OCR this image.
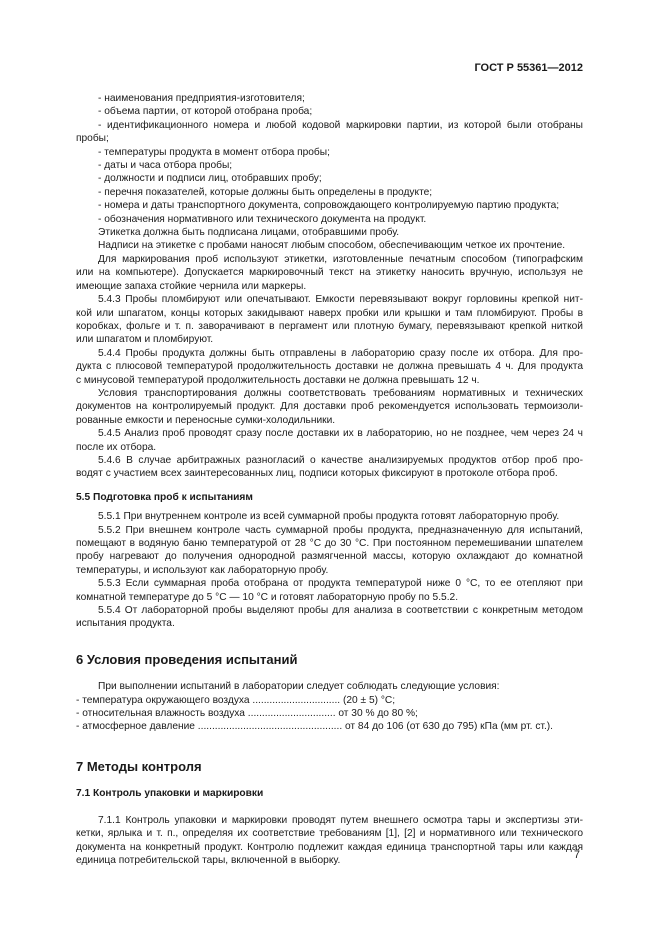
ГОСТ Р 55361—2012
- наименования предприятия-изготовителя;
- объема партии, от которой отобрана проба;
- идентификационного номера и любой кодовой маркировки партии, из которой были отобраны
пробы;
- температуры продукта в момент отбора пробы;
- даты и часа отбора пробы;
- должности и подписи лиц, отобравших пробу;
- перечня показателей, которые должны быть определены в продукте;
- номера и даты транспортного документа, сопровождающего контролируемую партию продукта;
- обозначения нормативного или технического документа на продукт.
Этикетка должна быть подписана лицами, отобравшими пробу.
Надписи на этикетке с пробами наносят любым способом, обеспечивающим четкое их прочтение.
Для маркирования проб используют этикетки, изготовленные печатным способом (типографским
или на компьютере). Допускается маркировочный текст на этикетку наносить вручную, используя не
имеющие запаха стойкие чернила или маркеры.
5.4.3 Пробы пломбируют или опечатывают. Емкости перевязывают вокруг горловины крепкой нит-
кой или шпагатом, концы которых закидывают наверх пробки или крышки и там пломбируют. Пробы в
коробках, фольге и т. п. заворачивают в пергамент или плотную бумагу, перевязывают крепкой ниткой
или шпагатом и пломбируют.
5.4.4 Пробы продукта должны быть отправлены в лабораторию сразу после их отбора. Для про-
дукта с плюсовой температурой продолжительность доставки не должна превышать 4 ч. Для продукта
с минусовой температурой продолжительность доставки не должна превышать 12 ч.
Условия транспортирования должны соответствовать требованиям нормативных и технических
документов на контролируемый продукт. Для доставки проб рекомендуется использовать термоизоли-
рованные емкости и переносные сумки-холодильники.
5.4.5 Анализ проб проводят сразу после доставки их в лабораторию, но не позднее, чем через 24 ч
после их отбора.
5.4.6 В случае арбитражных разногласий о качестве анализируемых продуктов отбор проб про-
водят с участием всех заинтересованных лиц, подписи которых фиксируют в протоколе отбора проб.
5.5 Подготовка проб к испытаниям
5.5.1 При внутреннем контроле из всей суммарной пробы продукта готовят лабораторную пробу.
5.5.2 При внешнем контроле часть суммарной пробы продукта, предназначенную для испытаний,
помещают в водяную баню температурой от 28 °С до 30 °С. При постоянном перемешивании шпателем
пробу нагревают до получения однородной размягченной массы, которую охлаждают до комнатной
температуры, и используют как лабораторную пробу.
5.5.3 Если суммарная проба отобрана от продукта температурой ниже 0 °С, то ее отепляют при
комнатной температуре до 5 °С — 10 °С и готовят лабораторную пробу по 5.5.2.
5.5.4 От лабораторной пробы выделяют пробы для анализа в соответствии с конкретным методом
испытания продукта.
6 Условия проведения испытаний
При выполнении испытаний в лаборатории следует соблюдать следующие условия:
- температура окружающего воздуха ............................... (20 ± 5) °С;
- относительная влажность воздуха ............................... от 30 % до 80 %;
- атмосферное давление ................................................... от 84 до 106 (от 630 до 795) кПа (мм рт. ст.).
7 Методы контроля
7.1 Контроль упаковки и маркировки
7.1.1 Контроль упаковки и маркировки проводят путем внешнего осмотра тары и экспертизы эти-
кетки, ярлыка и т. п., определяя их соответствие требованиям [1], [2] и нормативного или технического
документа на конкретный продукт. Контролю подлежит каждая единица транспортной тары или каждая
единица потребительской тары, включенной в выборку.	7
